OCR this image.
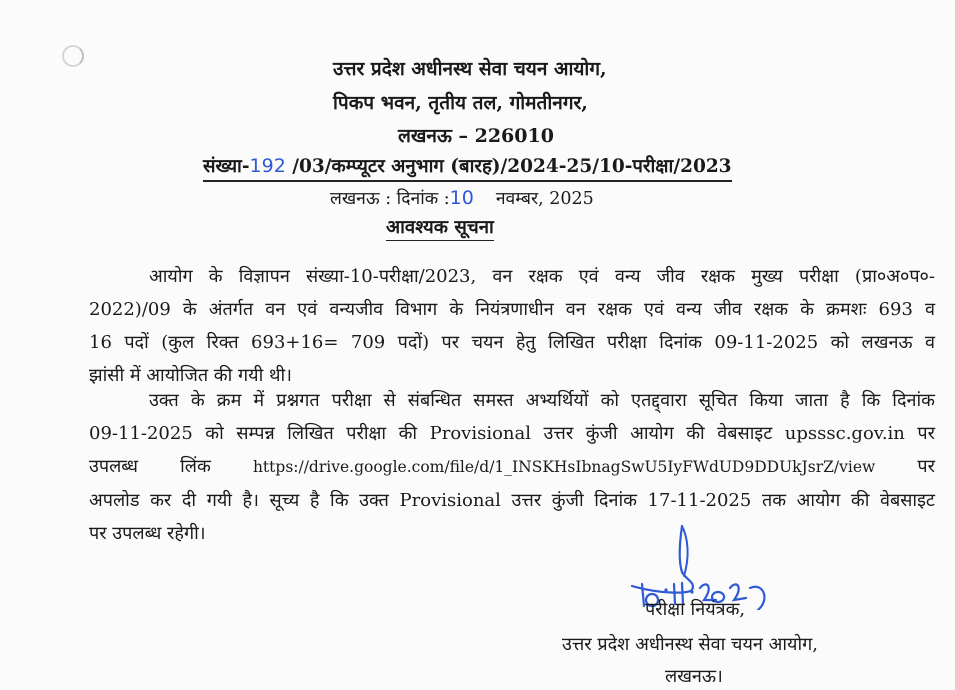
उत्तर प्रदेश अधीनस्थ सेवा चयन आयोग,
पिकप भवन, तृतीय तल, गोमतीनगर,
लखनऊ – 226010
संख्या-192 /03/कम्प्यूटर अनुभाग (बारह)/2024-25/10-परीक्षा/2023
लखनऊ : दिनांक :10 नवम्बर, 2025
आवश्यक सूचना
आयोग के विज्ञापन संख्या-10-परीक्षा/2023, वन रक्षक एवं वन्य जीव रक्षक मुख्य परीक्षा (प्रा०अ०प०-
2022)/09 के अंतर्गत वन एवं वन्यजीव विभाग के नियंत्रणाधीन वन रक्षक एवं वन्य जीव रक्षक के क्रमशः 693 व
16 पदों (कुल रिक्त 693+16= 709 पदों) पर चयन हेतु लिखित परीक्षा दिनांक 09-11-2025 को लखनऊ व
झांसी में आयोजित की गयी थी।
उक्त के क्रम में प्रश्नगत परीक्षा से संबन्धित समस्त अभ्यर्थियों को एतद्द्वारा सूचित किया जाता है कि दिनांक
09-11-2025 को सम्पन्न लिखित परीक्षा की Provisional उत्तर कुंजी आयोग की वेबसाइट upsssc.gov.in पर
उपलब्ध लिंक	https://drive.google.com/file/d/1_INSKHsIbnagSwU5IyFWdUD9DDUkJsrZ/view पर
अपलोड कर दी गयी है। सूच्य है कि उक्त Provisional उत्तर कुंजी दिनांक 17-11-2025 तक आयोग की वेबसाइट
पर उपलब्ध रहेगी।
परीक्षा नियंत्रक,
उत्तर प्रदेश अधीनस्थ सेवा चयन आयोग,
लखनऊ।
